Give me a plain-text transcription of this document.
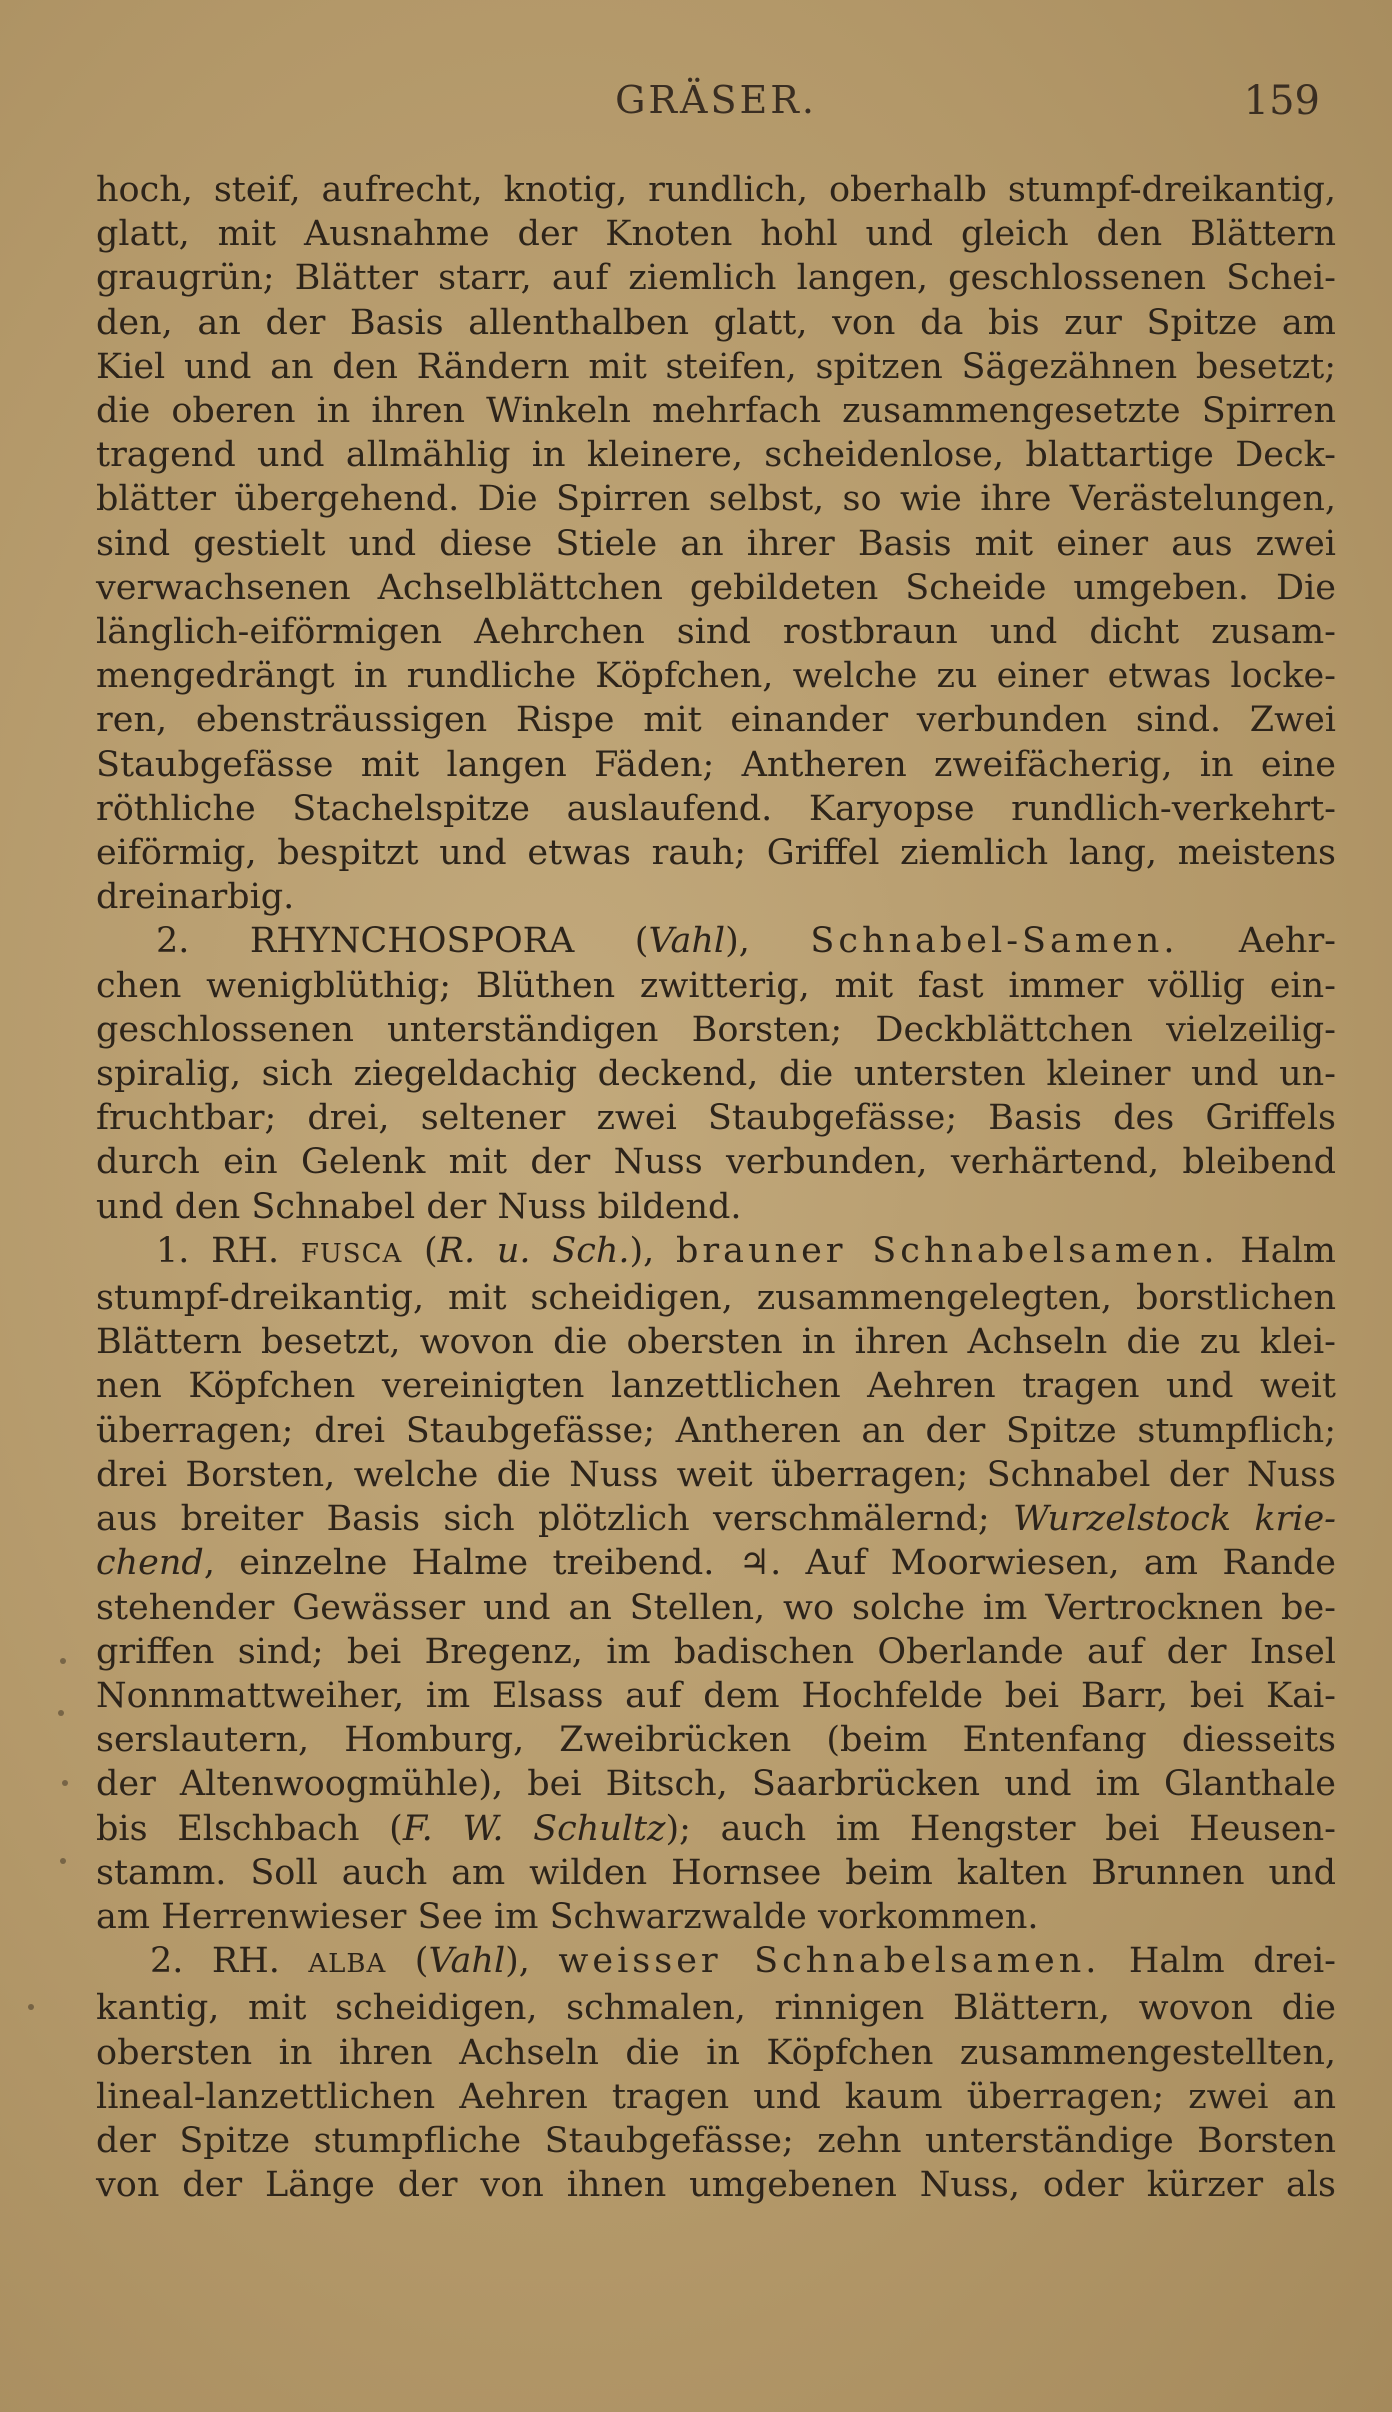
GRÄSER.	159
hoch, steif, aufrecht, knotig, rundlich, oberhalb stumpf-dreikantig,
glatt, mit Ausnahme der Knoten hohl und gleich den Blättern
graugrün; Blätter starr, auf ziemlich langen, geschlossenen Schei-
den, an der Basis allenthalben glatt, von da bis zur Spitze am
Kiel und an den Rändern mit steifen, spitzen Sägezähnen besetzt;
die oberen in ihren Winkeln mehrfach zusammengesetzte Spirren
tragend und allmählig in kleinere, scheidenlose, blattartige Deck-
blätter übergehend. Die Spirren selbst, so wie ihre Verästelungen,
sind gestielt und diese Stiele an ihrer Basis mit einer aus zwei
verwachsenen Achselblättchen gebildeten Scheide umgeben. Die
länglich-eiförmigen Aehrchen sind rostbraun und dicht zusam-
mengedrängt in rundliche Köpfchen, welche zu einer etwas locke-
ren, ebensträussigen Rispe mit einander verbunden sind. Zwei
Staubgefässe mit langen Fäden; Antheren zweifächerig, in eine
röthliche Stachelspitze auslaufend. Karyopse rundlich-verkehrt-
eiförmig, bespitzt und etwas rauh; Griffel ziemlich lang, meistens
dreinarbig.
2. RHYNCHOSPORA (Vahl), Schnabel-Samen. Aehr-
chen wenigblüthig; Blüthen zwitterig, mit fast immer völlig ein-
geschlossenen unterständigen Borsten; Deckblättchen vielzeilig-
spiralig, sich ziegeldachig deckend, die untersten kleiner und un-
fruchtbar; drei, seltener zwei Staubgefässe; Basis des Griffels
durch ein Gelenk mit der Nuss verbunden, verhärtend, bleibend
und den Schnabel der Nuss bildend.
1. RH. FUSCA (R. u. Sch.), brauner Schnabelsamen. Halm
stumpf-dreikantig, mit scheidigen, zusammengelegten, borstlichen
Blättern besetzt, wovon die obersten in ihren Achseln die zu klei-
nen Köpfchen vereinigten lanzettlichen Aehren tragen und weit
überragen; drei Staubgefässe; Antheren an der Spitze stumpflich;
drei Borsten, welche die Nuss weit überragen; Schnabel der Nuss
aus breiter Basis sich plötzlich verschmälernd; Wurzelstock krie-
chend, einzelne Halme treibend. ♃. Auf Moorwiesen, am Rande
stehender Gewässer und an Stellen, wo solche im Vertrocknen be-
griffen sind; bei Bregenz, im badischen Oberlande auf der Insel
Nonnmattweiher, im Elsass auf dem Hochfelde bei Barr, bei Kai-
serslautern, Homburg, Zweibrücken (beim Entenfang diesseits
der Altenwoogmühle), bei Bitsch, Saarbrücken und im Glanthale
bis Elschbach (F. W. Schultz); auch im Hengster bei Heusen-
stamm. Soll auch am wilden Hornsee beim kalten Brunnen und
am Herrenwieser See im Schwarzwalde vorkommen.
2. RH. ALBA (Vahl), weisser Schnabelsamen. Halm drei-
kantig, mit scheidigen, schmalen, rinnigen Blättern, wovon die
obersten in ihren Achseln die in Köpfchen zusammengestellten,
lineal-lanzettlichen Aehren tragen und kaum überragen; zwei an
der Spitze stumpfliche Staubgefässe; zehn unterständige Borsten
von der Länge der von ihnen umgebenen Nuss, oder kürzer als
